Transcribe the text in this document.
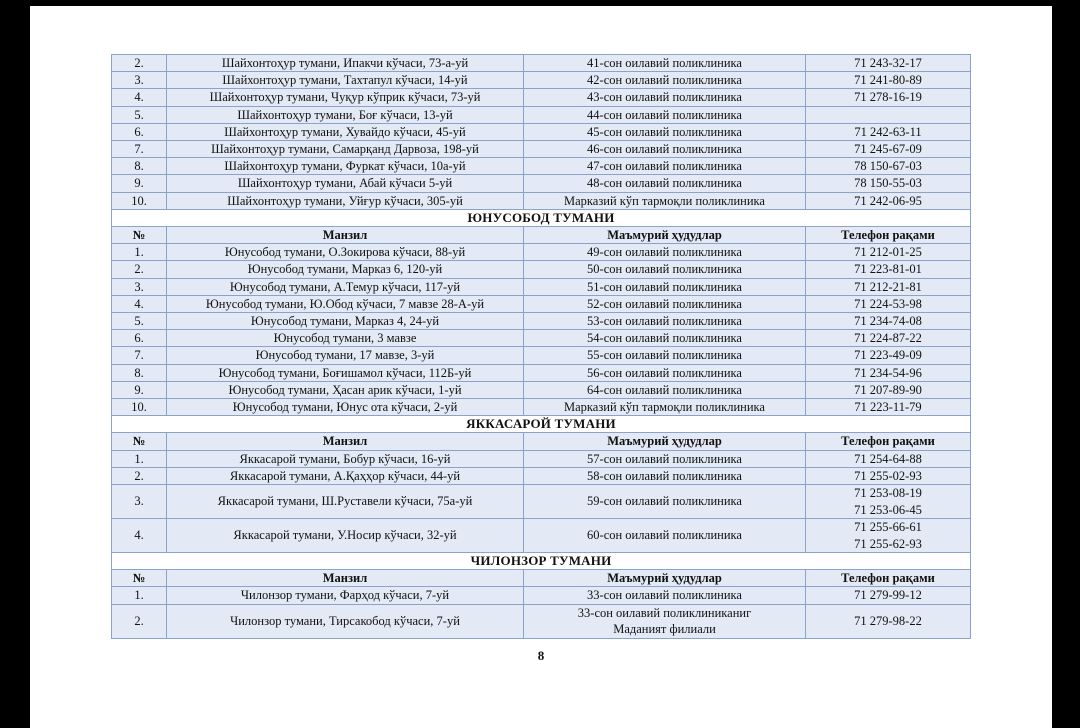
2.	Шайхонтоҳур тумани, Ипакчи кўчаси, 73-а-уй	41-сон оилавий поликлиника	71 243-32-17
3.	Шайхонтоҳур тумани, Тахтапул кўчаси, 14-уй	42-сон оилавий поликлиника	71 241-80-89
4.	Шайхонтоҳур тумани, Чуқур кўприк кўчаси, 73-уй	43-сон оилавий поликлиника	71 278-16-19
5.	Шайхонтоҳур тумани, Боғ кўчаси, 13-уй	44-сон оилавий поликлиника	
6.	Шайхонтоҳур тумани, Хувайдо кўчаси, 45-уй	45-сон оилавий поликлиника	71 242-63-11
7.	Шайхонтоҳур тумани, Самарқанд Дарвоза, 198-уй	46-сон оилавий поликлиника	71 245-67-09
8.	Шайхонтоҳур тумани, Фуркат кўчаси, 10а-уй	47-сон оилавий поликлиника	78 150-67-03
9.	Шайхонтоҳур тумани, Абай кўчаси 5-уй	48-сон оилавий поликлиника	78 150-55-03
10.	Шайхонтоҳур тумани, Уйғур кўчаси, 305-уй	Марказий кўп тармоқли поликлиника	71 242-06-95
ЮНУСОБОД ТУМАНИ			
№	Манзил	Маъмурий ҳудудлар	Телефон рақами
1.	Юнусобод тумани, О.Зокирова кўчаси, 88-уй	49-сон оилавий поликлиника	71 212-01-25
2.	Юнусобод тумани, Марказ 6, 120-уй	50-сон оилавий поликлиника	71 223-81-01
3.	Юнусобод тумани, А.Темур кўчаси, 117-уй	51-сон оилавий поликлиника	71 212-21-81
4.	Юнусобод тумани, Ю.Обод кўчаси, 7 мавзе 28-А-уй	52-сон оилавий поликлиника	71 224-53-98
5.	Юнусобод тумани, Марказ 4, 24-уй	53-сон оилавий поликлиника	71 234-74-08
6.	Юнусобод тумани, 3 мавзе	54-сон оилавий поликлиника	71 224-87-22
7.	Юнусобод тумани, 17 мавзе, 3-уй	55-сон оилавий поликлиника	71 223-49-09
8.	Юнусобод тумани, Боғишамол кўчаси, 112Б-уй	56-сон оилавий поликлиника	71 234-54-96
9.	Юнусобод тумани, Ҳасан арик кўчаси, 1-уй	64-сон оилавий поликлиника	71 207-89-90
10.	Юнусобод тумани, Юнус ота кўчаси, 2-уй	Марказий кўп тармоқли поликлиника	71 223-11-79
ЯККАСАРОЙ ТУМАНИ			
№	Манзил	Маъмурий ҳудудлар	Телефон рақами
1.	Яккасарой тумани, Бобур кўчаси, 16-уй	57-сон оилавий поликлиника	71 254-64-88
2.	Яккасарой тумани, А.Қаҳҳор кўчаси, 44-уй	58-сон оилавий поликлиника	71 255-02-93
3.	Яккасарой тумани, Ш.Руставели кўчаси, 75а-уй	59-сон оилавий поликлиника	71 253-08-19
71 253-06-45

4.	Яккасарой тумани, У.Носир кўчаси, 32-уй	60-сон оилавий поликлиника	71 255-66-61
71 255-62-93

ЧИЛОНЗОР ТУМАНИ			
№	Манзил	Маъмурий ҳудудлар	Телефон рақами
1.	Чилонзор тумани, Фарҳод кўчаси, 7-уй	33-сон оилавий поликлиника	71 279-99-12
2.	Чилонзор тумани, Тирсакобод кўчаси, 7-уй	33-сон оилавий поликлиниканиг
Маданият филиали	71 279-98-22
8
